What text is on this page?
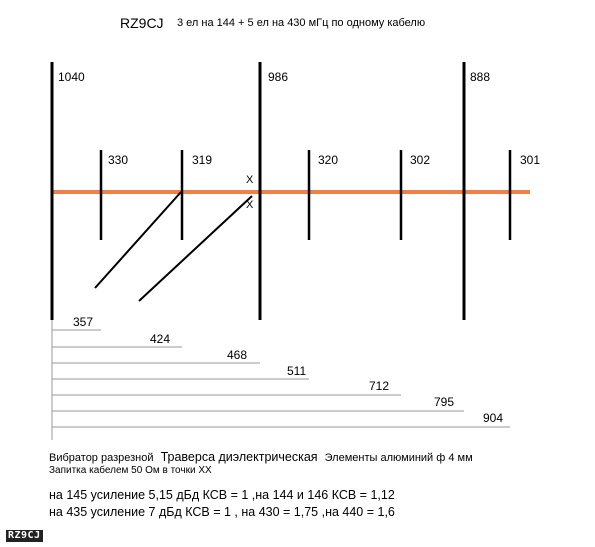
RZ9CJ 3 ел на 144 + 5 ел на 430 мГц по одному кабелю
1040	986	888
330	319	320	302	301
X
X
357
424
468
511
712
795
904
Вибратор разрезной Траверса диэлектрическая Элементы алюминий ф 4 мм
Запитка кабелем 50 Ом в точки ХХ
на 145 усиление 5,15 дБд КСВ = 1 ,на 144 и 146 КСВ = 1,12
на 435 усиление 7 дБд КСВ = 1 , на 430 = 1,75 ,на 440 = 1,6
RZ9CJ
